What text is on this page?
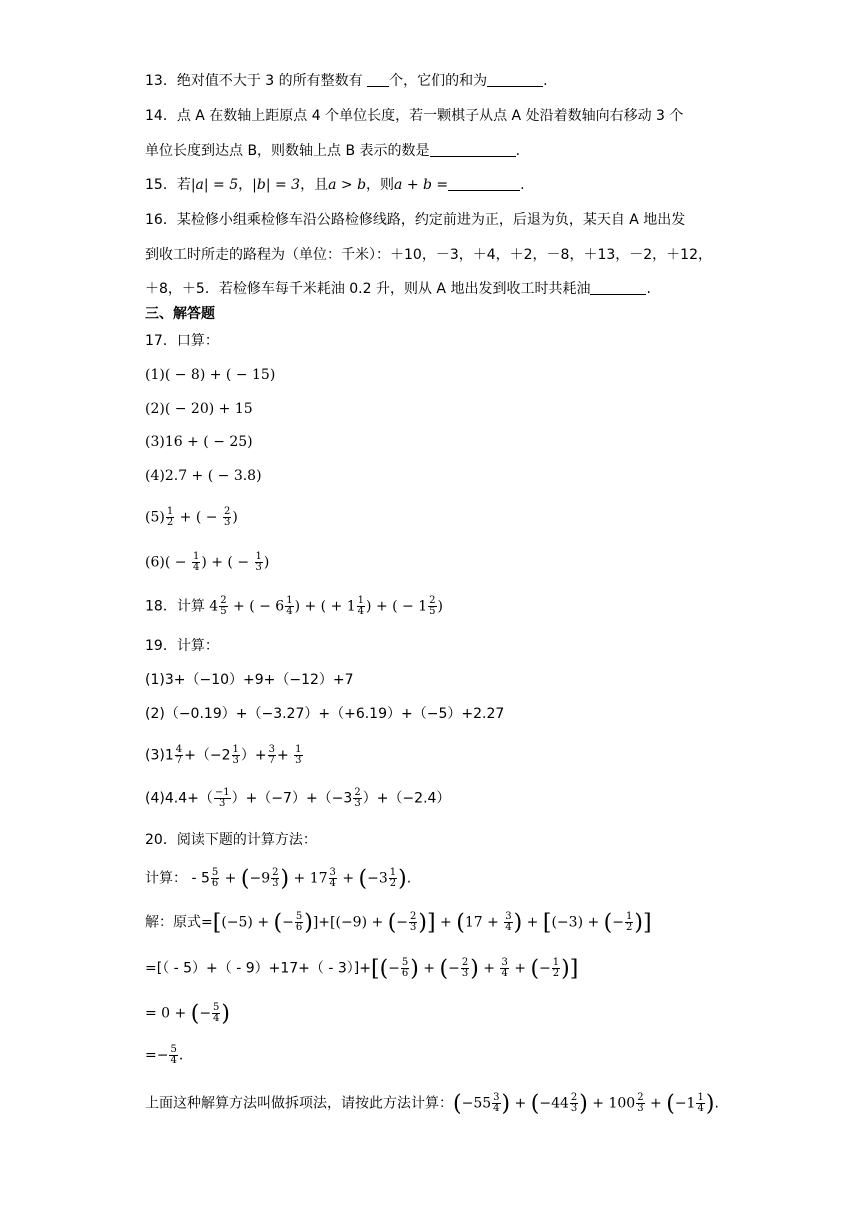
13．绝对值不大于 3 的所有整数有 个，它们的和为	.
14．点 A 在数轴上距原点 4 个单位长度，若一颗棋子从点 A 处沿着数轴向右移动 3 个
单位长度到达点 B，则数轴上点 B 表示的数是	.
15．若|a| = 5，|b| = 3，且a > b，则a + b =	.
16．某检修小组乘检修车沿公路检修线路，约定前进为正，后退为负，某天自 A 地出发
到收工时所走的路程为（单位：千米）：＋10，－3，＋4，＋2，－8，＋13，－2，＋12，
＋8，＋5．若检修车每千米耗油 0.2 升，则从 A 地出发到收工时共耗油	.
三、解答题
17．口算：
(1)( − 8) + ( − 15)
(2)( − 20) + 15
(3)16 + ( − 25)
(4)2.7 + ( − 3.8)
$(5) \frac{1}{2}$ + ( − $\frac{2}{3}$ )
$(6)( - \frac{1}{4}$ ) + ( − $\frac{1}{3}$ )
18．计算 $4 \frac{2}{5}$ + ( − $6 \frac{1}{4}$ ) + ( + $1 \frac{1}{4}$ ) + ( − $1 \frac{2}{5}$ )
19．计算：
(1)3+（−10）+9+（−12）+7
(2)（−0.19）+（−3.27）+（+6.19）+（−5）+2.27
$(3)1 \frac{4}{7} +(-2 \frac{1}{3}$ ）+ $\frac{3}{7} + \frac{1}{3}$
$(4)4.4+( \frac{-1}{3} )+(-7)+(-3 \frac{2}{3} )+(-2.4)$
20．阅读下题的计算方法：
计算： - $5 \frac{5}{6} + (-9 \frac{2}{3}$ ) + $17 \frac{3}{4} + (-3 \frac{1}{2}$ ).
解：原式=[(−5) + (− $\frac{5}{6} )]+[(-9)$ + (− $\frac{2}{3}$ )] + ($17 + \frac{3}{4}$ ) + [(−3) + (− $\frac{1}{2}$ )]
=[（ - $5)+( - 9)+17+( - 3)]+[(- \frac{5}{6}$ ) + (− $\frac{2}{3}$ ) + $\frac{3}{4}$ + (− $\frac{1}{2}$ )]
= 0 + (− $\frac{5}{4}$ )
=− $\frac{5}{4}$ .
上面这种解算方法叫做拆项法，请按此方法计算：($-55 \frac{3}{4}$ ) + ($-44 \frac{2}{3}$ ) + $100 \frac{2}{3} + (-1 \frac{1}{4}$ ).
